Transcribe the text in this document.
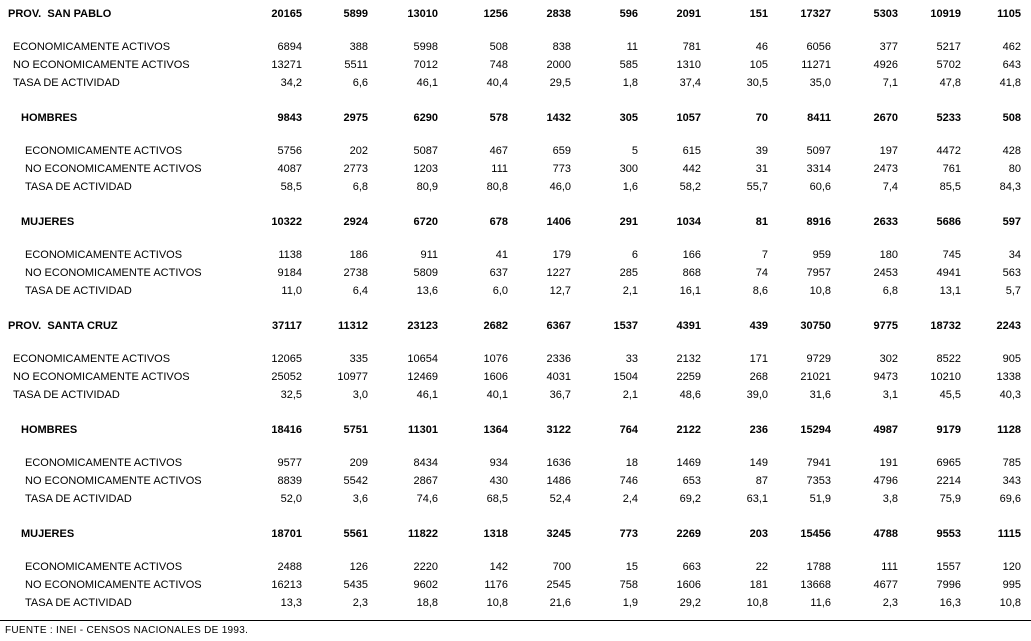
PROV.  SAN PABLO	20165	5899	13010	1256	2838	596	2091	151	17327	5303	10919	1105
ECONOMICAMENTE ACTIVOS	6894	388	5998	508	838	11	781	46	6056	377	5217	462
NO ECONOMICAMENTE ACTIVOS	13271	5511	7012	748	2000	585	1310	105	11271	4926	5702	643
TASA DE ACTIVIDAD	34,2	6,6	46,1	40,4	29,5	1,8	37,4	30,5	35,0	7,1	47,8	41,8
HOMBRES	9843	2975	6290	578	1432	305	1057	70	8411	2670	5233	508
ECONOMICAMENTE ACTIVOS	5756	202	5087	467	659	5	615	39	5097	197	4472	428
NO ECONOMICAMENTE ACTIVOS	4087	2773	1203	111	773	300	442	31	3314	2473	761	80
TASA DE ACTIVIDAD	58,5	6,8	80,9	80,8	46,0	1,6	58,2	55,7	60,6	7,4	85,5	84,3
MUJERES	10322	2924	6720	678	1406	291	1034	81	8916	2633	5686	597
ECONOMICAMENTE ACTIVOS	1138	186	911	41	179	6	166	7	959	180	745	34
NO ECONOMICAMENTE ACTIVOS	9184	2738	5809	637	1227	285	868	74	7957	2453	4941	563
TASA DE ACTIVIDAD	11,0	6,4	13,6	6,0	12,7	2,1	16,1	8,6	10,8	6,8	13,1	5,7
PROV.  SANTA CRUZ	37117	11312	23123	2682	6367	1537	4391	439	30750	9775	18732	2243
ECONOMICAMENTE ACTIVOS	12065	335	10654	1076	2336	33	2132	171	9729	302	8522	905
NO ECONOMICAMENTE ACTIVOS	25052	10977	12469	1606	4031	1504	2259	268	21021	9473	10210	1338
TASA DE ACTIVIDAD	32,5	3,0	46,1	40,1	36,7	2,1	48,6	39,0	31,6	3,1	45,5	40,3
HOMBRES	18416	5751	11301	1364	3122	764	2122	236	15294	4987	9179	1128
ECONOMICAMENTE ACTIVOS	9577	209	8434	934	1636	18	1469	149	7941	191	6965	785
NO ECONOMICAMENTE ACTIVOS	8839	5542	2867	430	1486	746	653	87	7353	4796	2214	343
TASA DE ACTIVIDAD	52,0	3,6	74,6	68,5	52,4	2,4	69,2	63,1	51,9	3,8	75,9	69,6
MUJERES	18701	5561	11822	1318	3245	773	2269	203	15456	4788	9553	1115
ECONOMICAMENTE ACTIVOS	2488	126	2220	142	700	15	663	22	1788	111	1557	120
NO ECONOMICAMENTE ACTIVOS	16213	5435	9602	1176	2545	758	1606	181	13668	4677	7996	995
TASA DE ACTIVIDAD	13,3	2,3	18,8	10,8	21,6	1,9	29,2	10,8	11,6	2,3	16,3	10,8
FUENTE : INEI - CENSOS NACIONALES DE 1993.
